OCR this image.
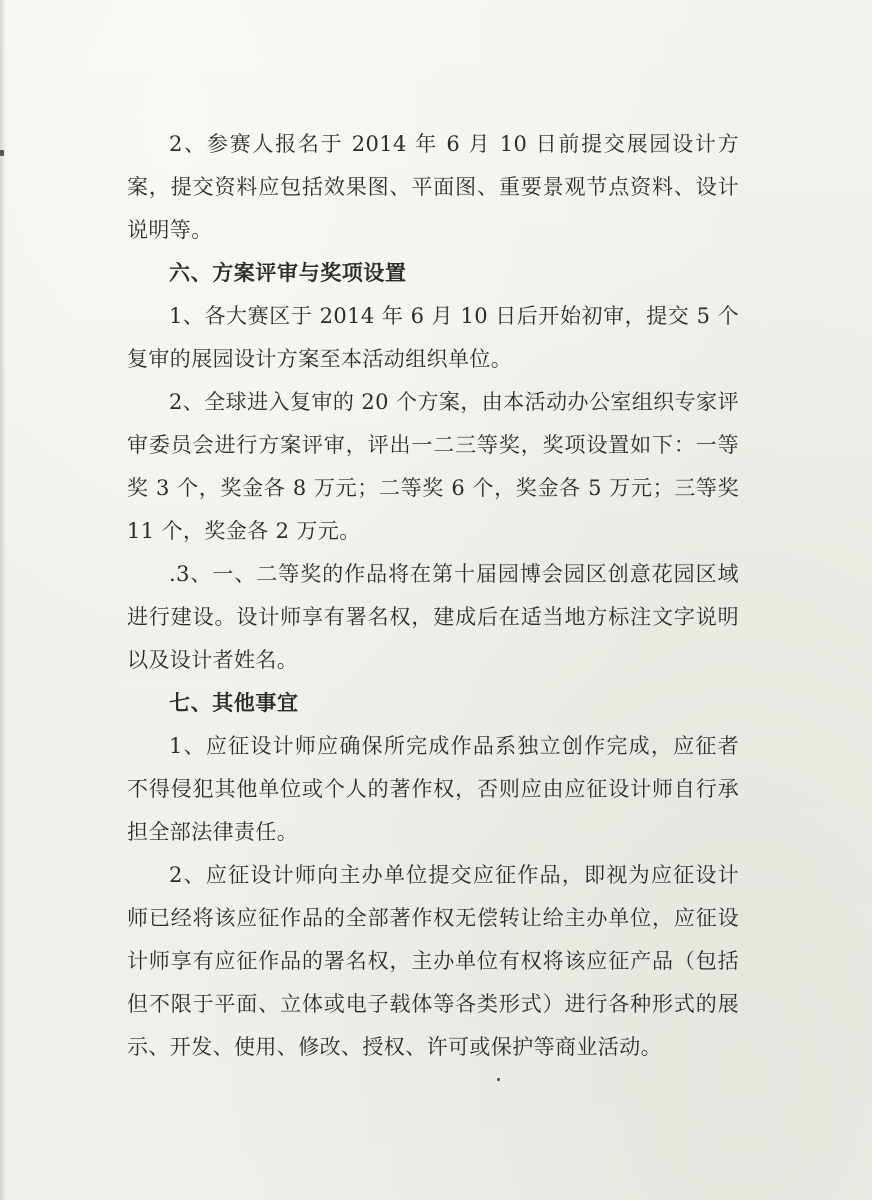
2、参赛人报名于 2014 年 6 月 10 日前提交展园设计方案，提交资料应包括效果图、平面图、重要景观节点资料、设计说明等。

六、方案评审与奖项设置

1、各大赛区于 2014 年 6 月 10 日后开始初审，提交 5 个复审的展园设计方案至本活动组织单位。

2、全球进入复审的 20 个方案，由本活动办公室组织专家评审委员会进行方案评审，评出一二三等奖，奖项设置如下：一等奖 3 个，奖金各 8 万元；二等奖 6 个，奖金各 5 万元；三等奖 11 个，奖金各 2 万元。

.3、一、二等奖的作品将在第十届园博会园区创意花园区域进行建设。设计师享有署名权，建成后在适当地方标注文字说明以及设计者姓名。

七、其他事宜

1、应征设计师应确保所完成作品系独立创作完成，应征者不得侵犯其他单位或个人的著作权，否则应由应征设计师自行承担全部法律责任。

2、应征设计师向主办单位提交应征作品，即视为应征设计师已经将该应征作品的全部著作权无偿转让给主办单位，应征设计师享有应征作品的署名权，主办单位有权将该应征产品（包括但不限于平面、立体或电子载体等各类形式）进行各种形式的展示、开发、使用、修改、授权、许可或保护等商业活动。
